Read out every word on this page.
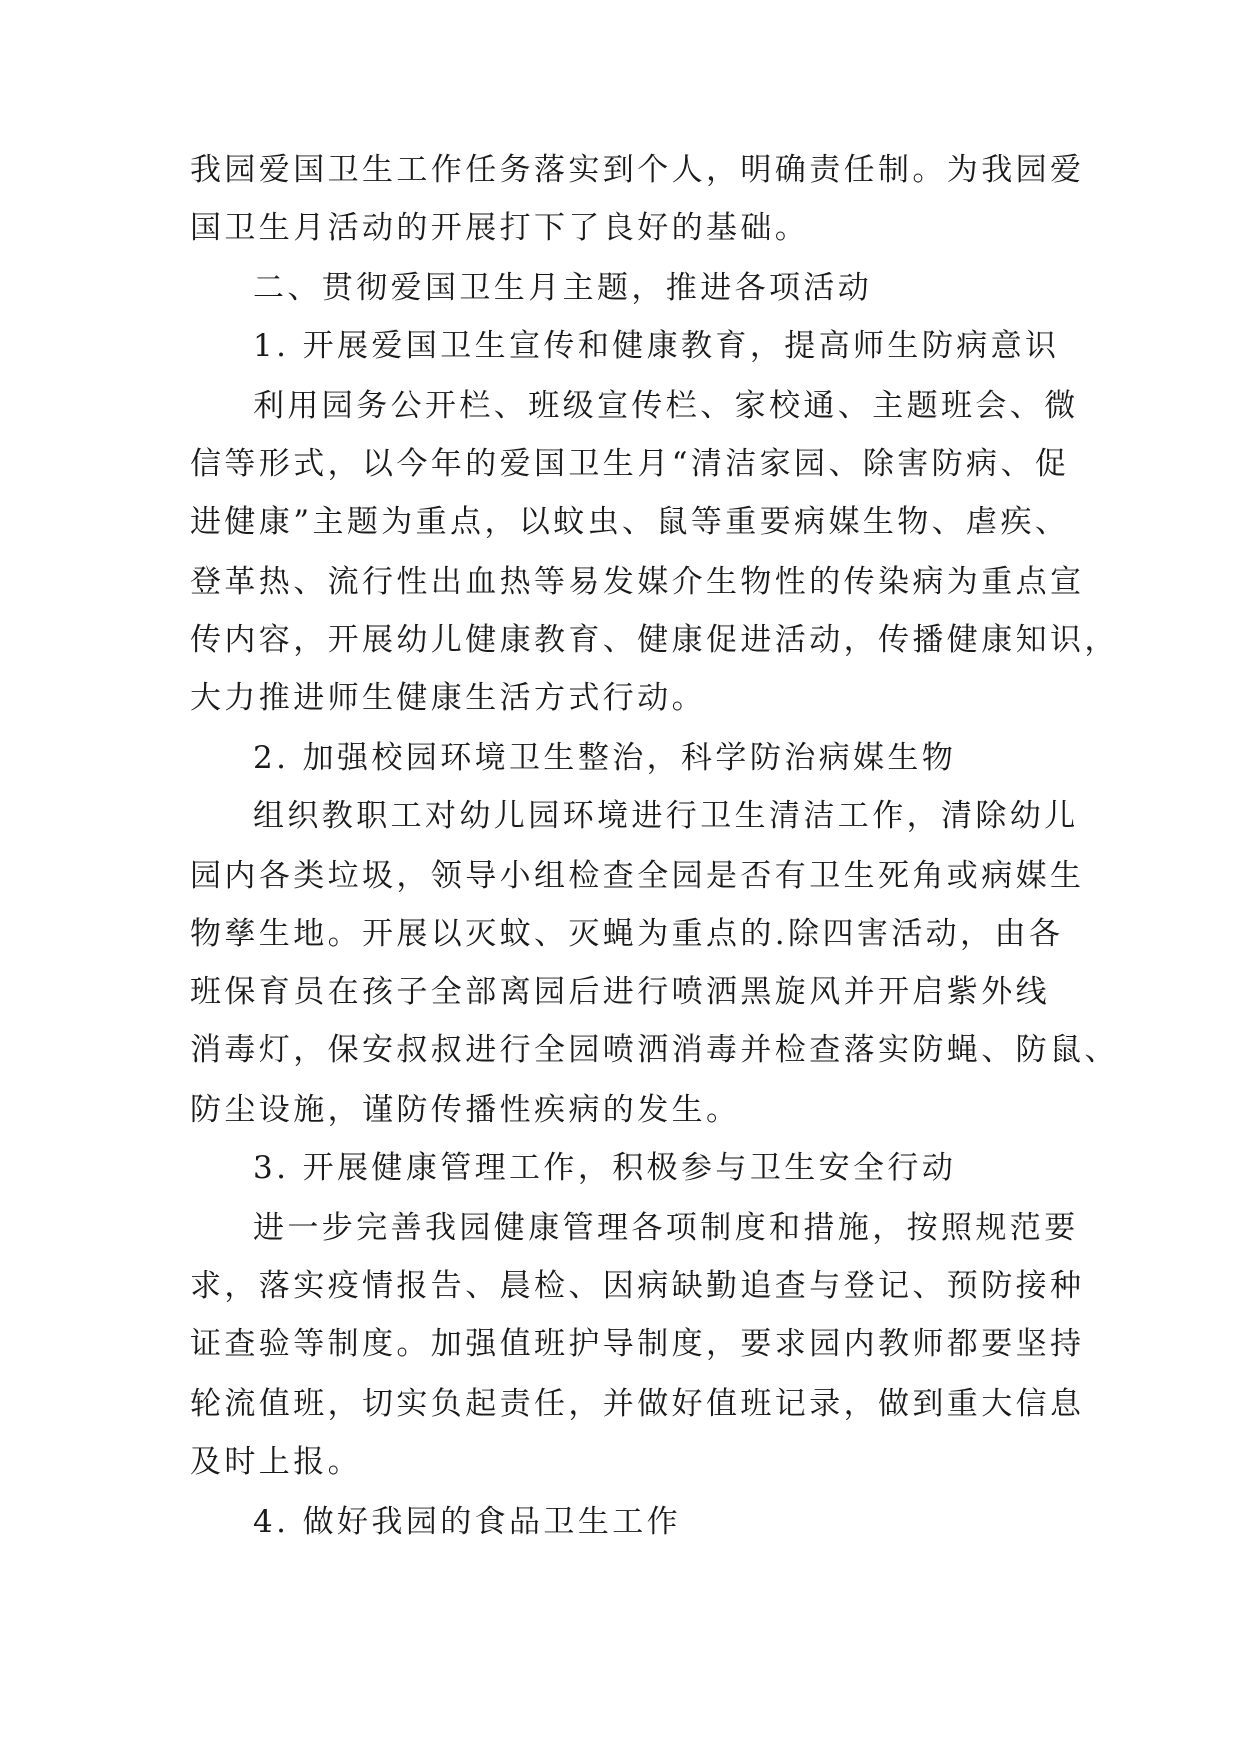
我园爱国卫生工作任务落实到个人，明确责任制。为我园爱
国卫生月活动的开展打下了良好的基础。
二、贯彻爱国卫生月主题，推进各项活动
1. 开展爱国卫生宣传和健康教育，提高师生防病意识
利用园务公开栏、班级宣传栏、家校通、主题班会、微
信等形式，以今年的爱国卫生月“清洁家园、除害防病、促
进健康”主题为重点，以蚊虫、鼠等重要病媒生物、虐疾、
登革热、流行性出血热等易发媒介生物性的传染病为重点宣
传内容，开展幼儿健康教育、健康促进活动，传播健康知识，
大力推进师生健康生活方式行动。
2. 加强校园环境卫生整治，科学防治病媒生物
组织教职工对幼儿园环境进行卫生清洁工作，清除幼儿
园内各类垃圾，领导小组检查全园是否有卫生死角或病媒生
物孳生地。开展以灭蚊、灭蝇为重点的.除四害活动，由各
班保育员在孩子全部离园后进行喷洒黑旋风并开启紫外线
消毒灯，保安叔叔进行全园喷洒消毒并检查落实防蝇、防鼠、
防尘设施，谨防传播性疾病的发生。
3. 开展健康管理工作，积极参与卫生安全行动
进一步完善我园健康管理各项制度和措施，按照规范要
求，落实疫情报告、晨检、因病缺勤追查与登记、预防接种
证查验等制度。加强值班护导制度，要求园内教师都要坚持
轮流值班，切实负起责任，并做好值班记录，做到重大信息
及时上报。
4. 做好我园的食品卫生工作
